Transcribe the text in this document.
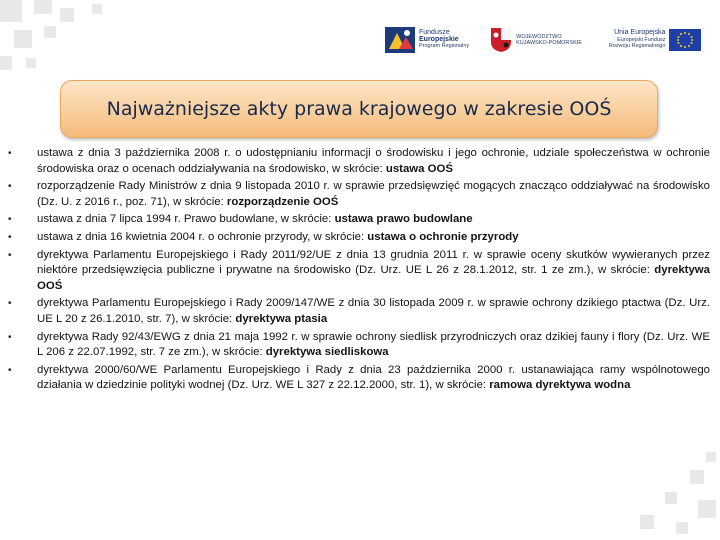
Fundusze
Europejskie
Program Regionalny
WOJEWÓDZTWO
KUJAWSKO-POMORSKIE
Unia Europejska
Europejski Fundusz
Rozwoju Regionalnego
Najważniejsze akty prawa krajowego w zakresie OOŚ
• ustawa z dnia 3 października 2008 r. o udostępnianiu informacji o środowisku i jego ochronie, udziale społeczeństwa w ochronie środowiska oraz o ocenach oddziaływania na środowisko, w skrócie: ustawa OOŚ
• rozporządzenie Rady Ministrów z dnia 9 listopada 2010 r. w sprawie przedsięwzięć mogących znacząco oddziaływać na środowisko (Dz. U. z 2016 r., poz. 71), w skrócie: rozporządzenie OOŚ
• ustawa z dnia 7 lipca 1994 r. Prawo budowlane, w skrócie: ustawa prawo budowlane
• ustawa z dnia 16 kwietnia 2004 r. o ochronie przyrody, w skrócie: ustawa o ochronie przyrody
• dyrektywa Parlamentu Europejskiego i Rady 2011/92/UE z dnia 13 grudnia 2011 r. w sprawie oceny skutków wywieranych przez niektóre przedsięwzięcia publiczne i prywatne na środowisko (Dz. Urz. UE L 26 z 28.1.2012, str. 1 ze zm.), w skrócie: dyrektywa OOŚ
• dyrektywa Parlamentu Europejskiego i Rady 2009/147/WE z dnia 30 listopada 2009 r. w sprawie ochrony dzikiego ptactwa (Dz. Urz. UE L 20 z 26.1.2010, str. 7), w skrócie: dyrektywa ptasia
• dyrektywa Rady 92/43/EWG z dnia 21 maja 1992 r. w sprawie ochrony siedlisk przyrodniczych oraz dzikiej fauny i flory (Dz. Urz. WE L 206 z 22.07.1992, str. 7 ze zm.), w skrócie: dyrektywa siedliskowa
• dyrektywa 2000/60/WE Parlamentu Europejskiego i Rady z dnia 23 października 2000 r. ustanawiająca ramy wspólnotowego działania w dziedzinie polityki wodnej (Dz. Urz. WE L 327 z 22.12.2000, str. 1), w skrócie: ramowa dyrektywa wodna
